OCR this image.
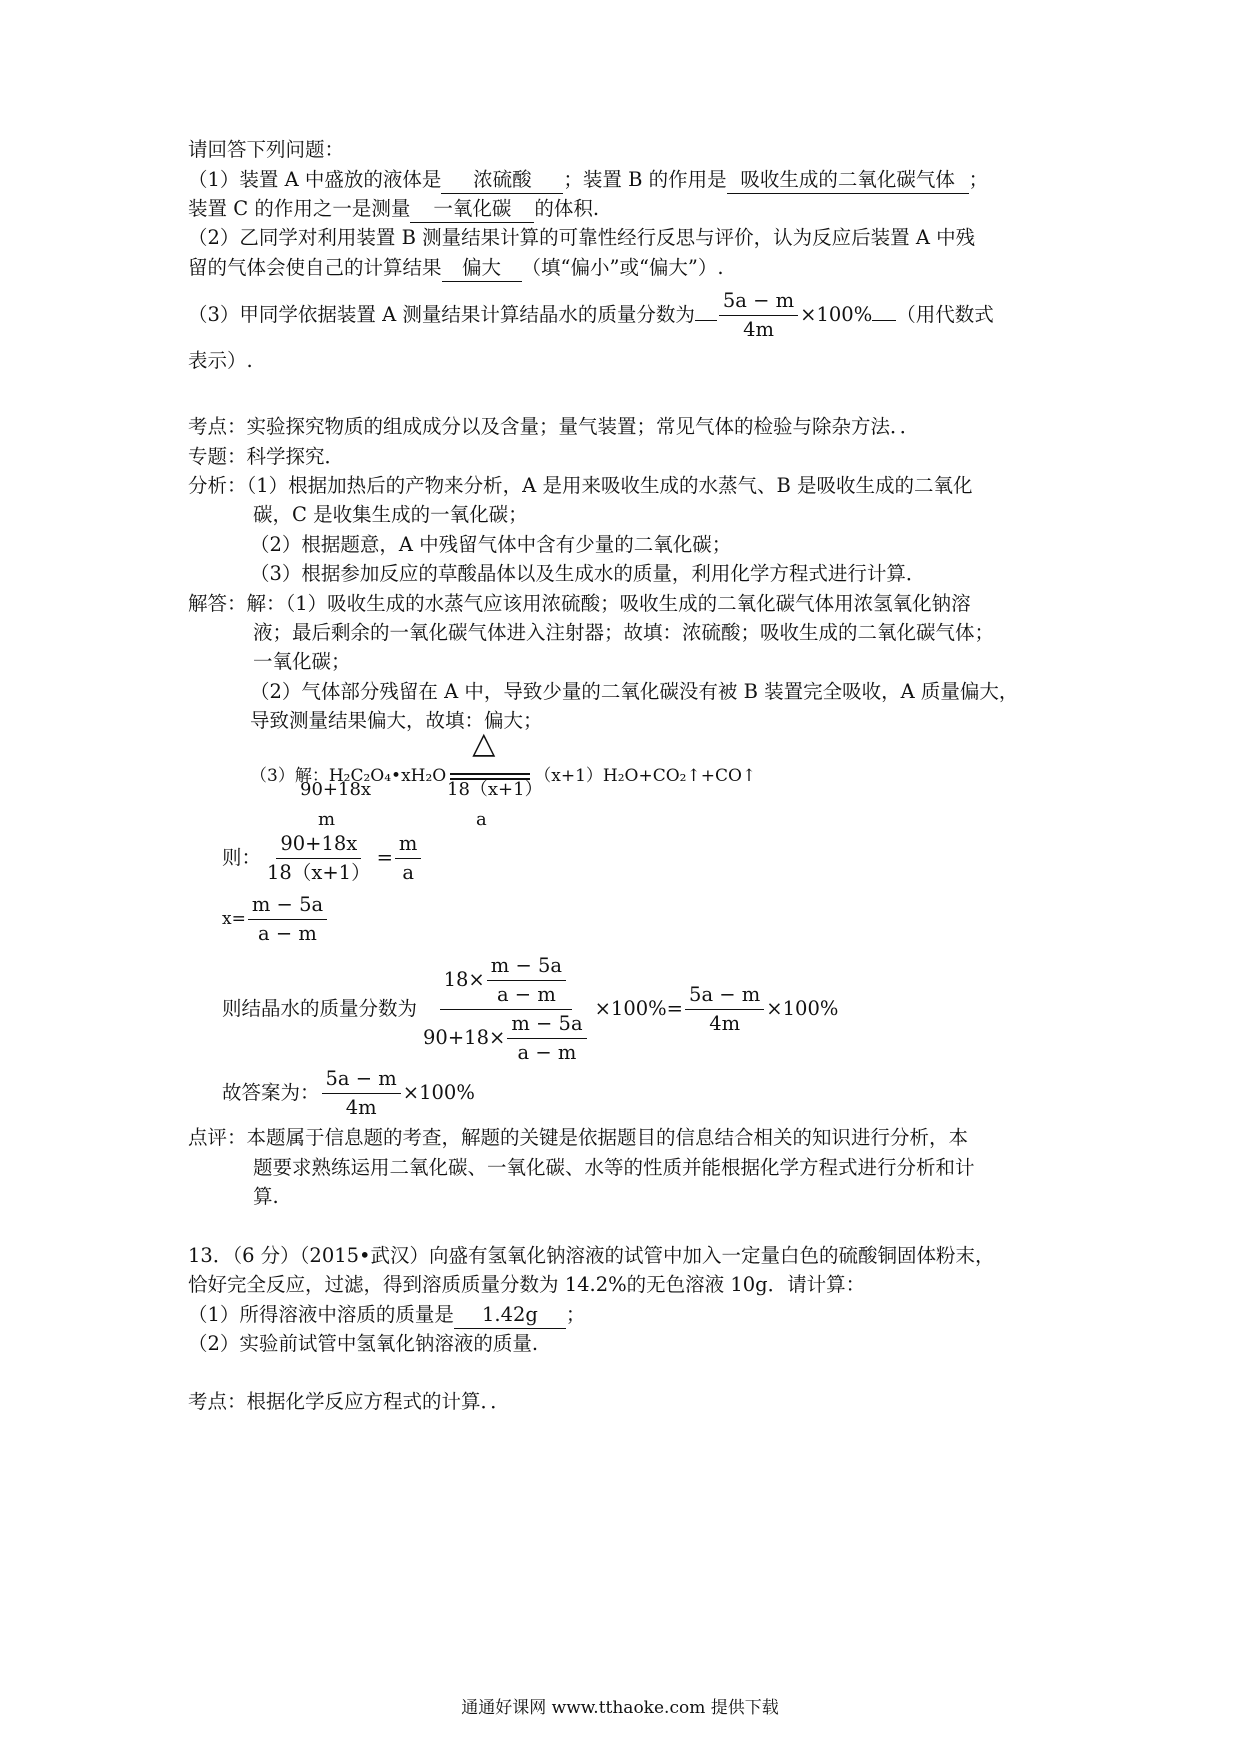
请回答下列问题：
（1）装置 A 中盛放的液体是 浓硫酸 ；装置 B 的作用是 吸收生成的二氧化碳气体 ；
装置 C 的作用之一是测量 一氧化碳 的体积.
（2）乙同学对利用装置 B 测量结果计算的可靠性经行反思与评价，认为反应后装置 A 中残
留的气体会使自己的计算结果 偏大 （填“偏小”或“偏大”）.
（3）甲同学依据装置 A 测量结果计算结晶水的质量分数为 $\frac{5a - m}{4m} \times 100\%$ （用代数式
表示）.
考点：实验探究物质的组成成分以及含量；量气装置；常见气体的检验与除杂方法．．
专题：科学探究．
分析：（1）根据加热后的产物来分析，A 是用来吸收生成的水蒸气、B 是吸收生成的二氧化
碳，C 是收集生成的一氧化碳；
（2）根据题意，A 中残留气体中含有少量的二氧化碳；
（3）根据参加反应的草酸晶体以及生成水的质量，利用化学方程式进行计算．
解答：解：（1）吸收生成的水蒸气应该用浓硫酸；吸收生成的二氧化碳气体用浓氢氧化钠溶
液；最后剩余的一氧化碳气体进入注射器；故填：浓硫酸；吸收生成的二氧化碳气体；
一氧化碳；
（2）气体部分残留在 A 中，导致少量的二氧化碳没有被 B 装置完全吸收，A 质量偏大，
导致测量结果偏大，故填：偏大；
（3）解：H₂C₂O₄•xH₂O
△
（x+1）H₂O+CO₂↑+CO↑
90+18x	18（x+1）
m	a
则： $\frac{90+18x}{18(x+1)} = \frac{m}{a}$
$x= \frac{m - 5a}{a - m}$
则结晶水的质量分数为 $\frac{18\times \frac{m - 5a}{a - m}}{90+18\times \frac{m - 5a}{a - m}} \times 100\%= \frac{5a - m}{4m} \times 100\%$
故答案为： $\frac{5a - m}{4m} \times 100\%$
点评：本题属于信息题的考查，解题的关键是依据题目的信息结合相关的知识进行分析，本
题要求熟练运用二氧化碳、一氧化碳、水等的性质并能根据化学方程式进行分析和计
算.
13．（6 分）（2015•武汉）向盛有氢氧化钠溶液的试管中加入一定量白色的硫酸铜固体粉末，
恰好完全反应，过滤，得到溶质质量分数为 14.2%的无色溶液 10g．请计算：
（1）所得溶液中溶质的质量是 1.42g ；
（2）实验前试管中氢氧化钠溶液的质量.
考点：根据化学反应方程式的计算．．
通通好课网 www.tthaoke.com 提供下载
